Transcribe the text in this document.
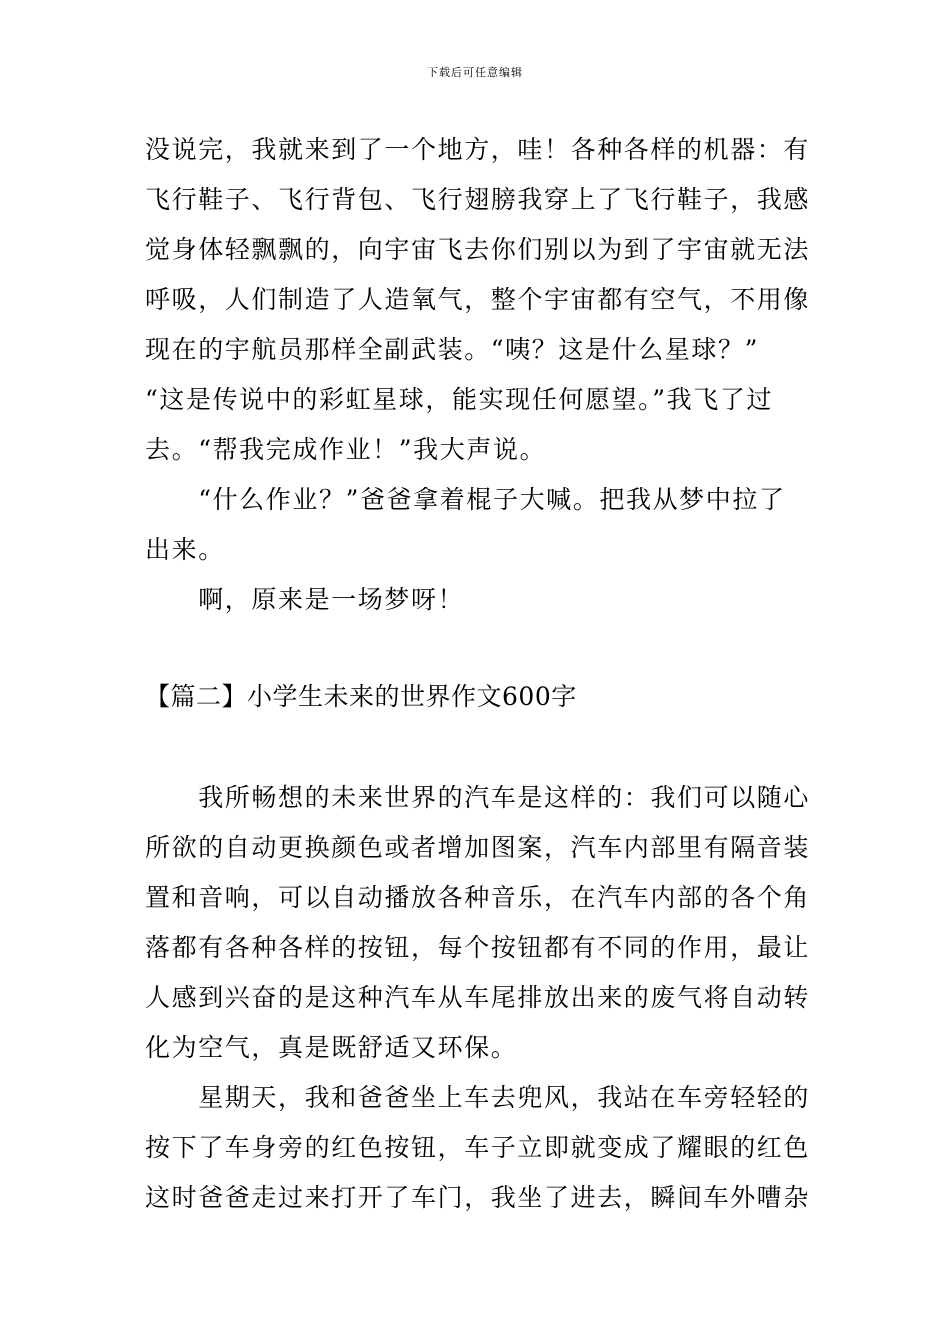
下载后可任意编辑
没说完，我就来到了一个地方，哇！各种各样的机器：有
飞行鞋子、飞行背包、飞行翅膀我穿上了飞行鞋子，我感
觉身体轻飘飘的，向宇宙飞去你们别以为到了宇宙就无法
呼吸，人们制造了人造氧气，整个宇宙都有空气，不用像
现在的宇航员那样全副武装。“咦？这是什么星球？”
“这是传说中的彩虹星球，能实现任何愿望。”我飞了过
去。“帮我完成作业！”我大声说。
　　“什么作业？”爸爸拿着棍子大喊。把我从梦中拉了
出来。
　　啊，原来是一场梦呀！
【篇二】小学生未来的世界作文600字
　　我所畅想的未来世界的汽车是这样的：我们可以随心
所欲的自动更换颜色或者增加图案，汽车内部里有隔音装
置和音响，可以自动播放各种音乐，在汽车内部的各个角
落都有各种各样的按钮，每个按钮都有不同的作用，最让
人感到兴奋的是这种汽车从车尾排放出来的废气将自动转
化为空气，真是既舒适又环保。
　　星期天，我和爸爸坐上车去兜风，我站在车旁轻轻的
按下了车身旁的红色按钮，车子立即就变成了耀眼的红色
这时爸爸走过来打开了车门，我坐了进去，瞬间车外嘈杂
